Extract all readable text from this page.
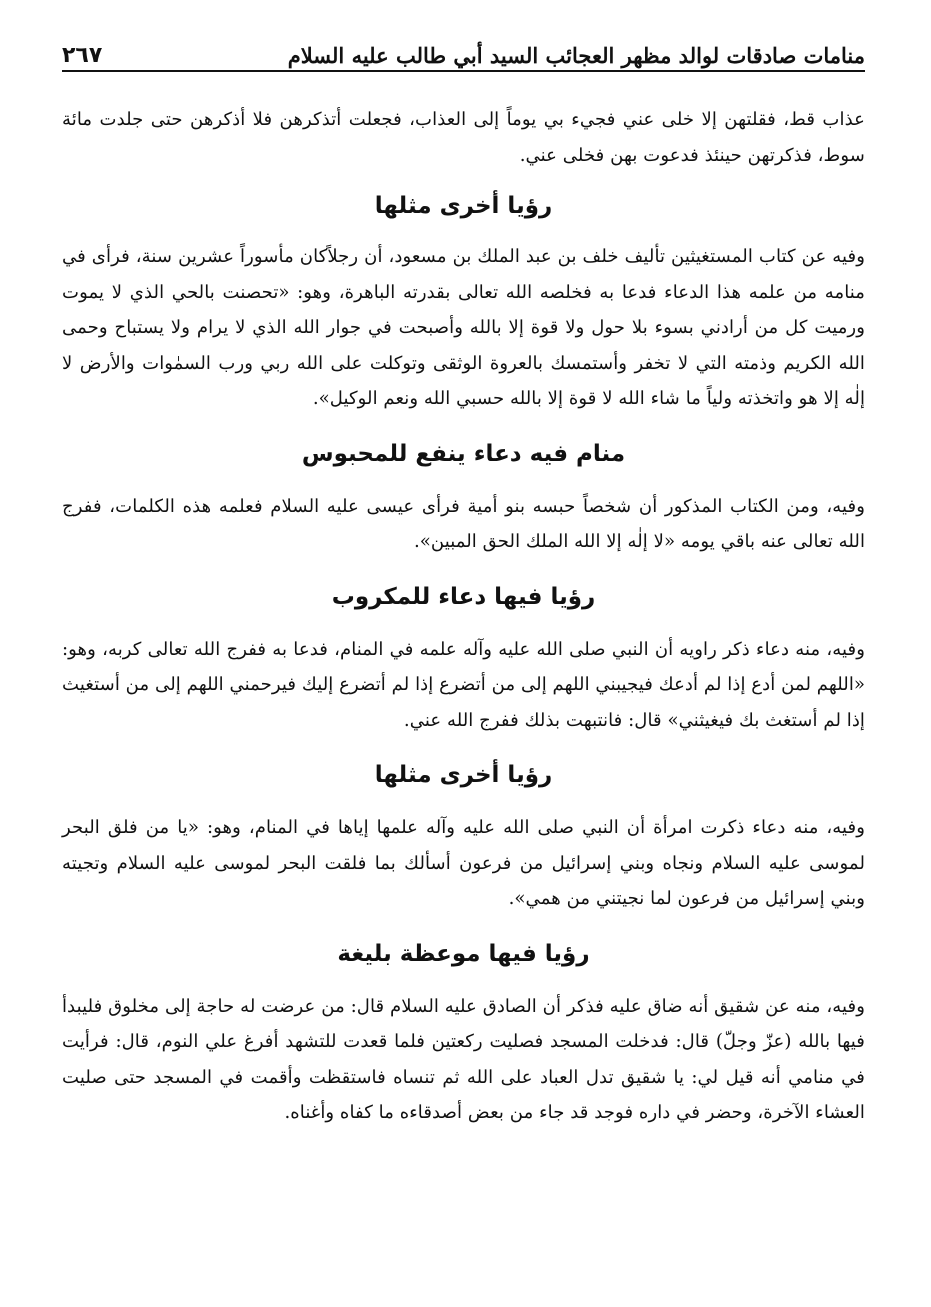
منامات صادقات لوالد مظهر العجائب السيد أبي طالب عليه السلام
٢٦٧

عذاب قط، فقلتهن إلا خلى عني فجيء بي يوماً إلى العذاب، فجعلت أتذكرهن فلا أذكرهن حتى جلدت مائة سوط، فذكرتهن حينئذ فدعوت بهن فخلى عني.

رؤيا أخرى مثلها

وفيه عن كتاب المستغيثين تأليف خلف بن عبد الملك بن مسعود، أن رجلاًكان مأسوراً عشرين سنة، فرأى في منامه من علمه هذا الدعاء فدعا به فخلصه الله تعالى بقدرته الباهرة، وهو: «تحصنت بالحي الذي لا يموت ورميت كل من أرادني بسوء بلا حول ولا قوة إلا بالله وأصبحت في جوار الله الذي لا يرام ولا يستباح وحمى الله الكريم وذمته التي لا تخفر وأستمسك بالعروة الوثقى وتوكلت على الله ربي ورب السمٰوات والأرض لا إلٰه إلا هو واتخذته ولياً ما شاء الله لا قوة إلا بالله حسبي الله ونعم الوكيل».

منام فيه دعاء ينفع للمحبوس

وفيه، ومن الكتاب المذكور أن شخصاً حبسه بنو أمية فرأى عيسى عليه السلام فعلمه هذه الكلمات، ففرج الله تعالى عنه باقي يومه «لا إلٰه إلا الله الملك الحق المبين».

رؤيا فيها دعاء للمكروب

وفيه، منه دعاء ذكر راويه أن النبي صلى الله عليه وآله علمه في المنام، فدعا به ففرج الله تعالى كربه، وهو: «اللهم لمن أدع إذا لم أدعك فيجيبني اللهم إلى من أتضرع إذا لم أتضرع إليك فيرحمني اللهم إلى من أستغيث إذا لم أستغث بك فيغيثني» قال: فانتبهت بذلك ففرج الله عني.

رؤيا أخرى مثلها

وفيه، منه دعاء ذكرت امرأة أن النبي صلى الله عليه وآله علمها إياها في المنام، وهو: «يا من فلق البحر لموسى عليه السلام ونجاه وبني إسرائيل من فرعون أسألك بما فلقت البحر لموسى عليه السلام وتجيته وبني إسرائيل من فرعون لما نجيتني من همي».

رؤيا فيها موعظة بليغة

وفيه، منه عن شقيق أنه ضاق عليه فذكر أن الصادق عليه السلام قال: من عرضت له حاجة إلى مخلوق فليبدأ فيها بالله (عزّ وجلّ) قال: فدخلت المسجد فصليت ركعتين فلما قعدت للتشهد أفرغ علي النوم، قال: فرأيت في منامي أنه قيل لي: يا شقيق تدل العباد على الله ثم تنساه فاستقظت وأقمت في المسجد حتى صليت العشاء الآخرة، وحضر في داره فوجد قد جاء من بعض أصدقاءه ما كفاه وأغناه.
